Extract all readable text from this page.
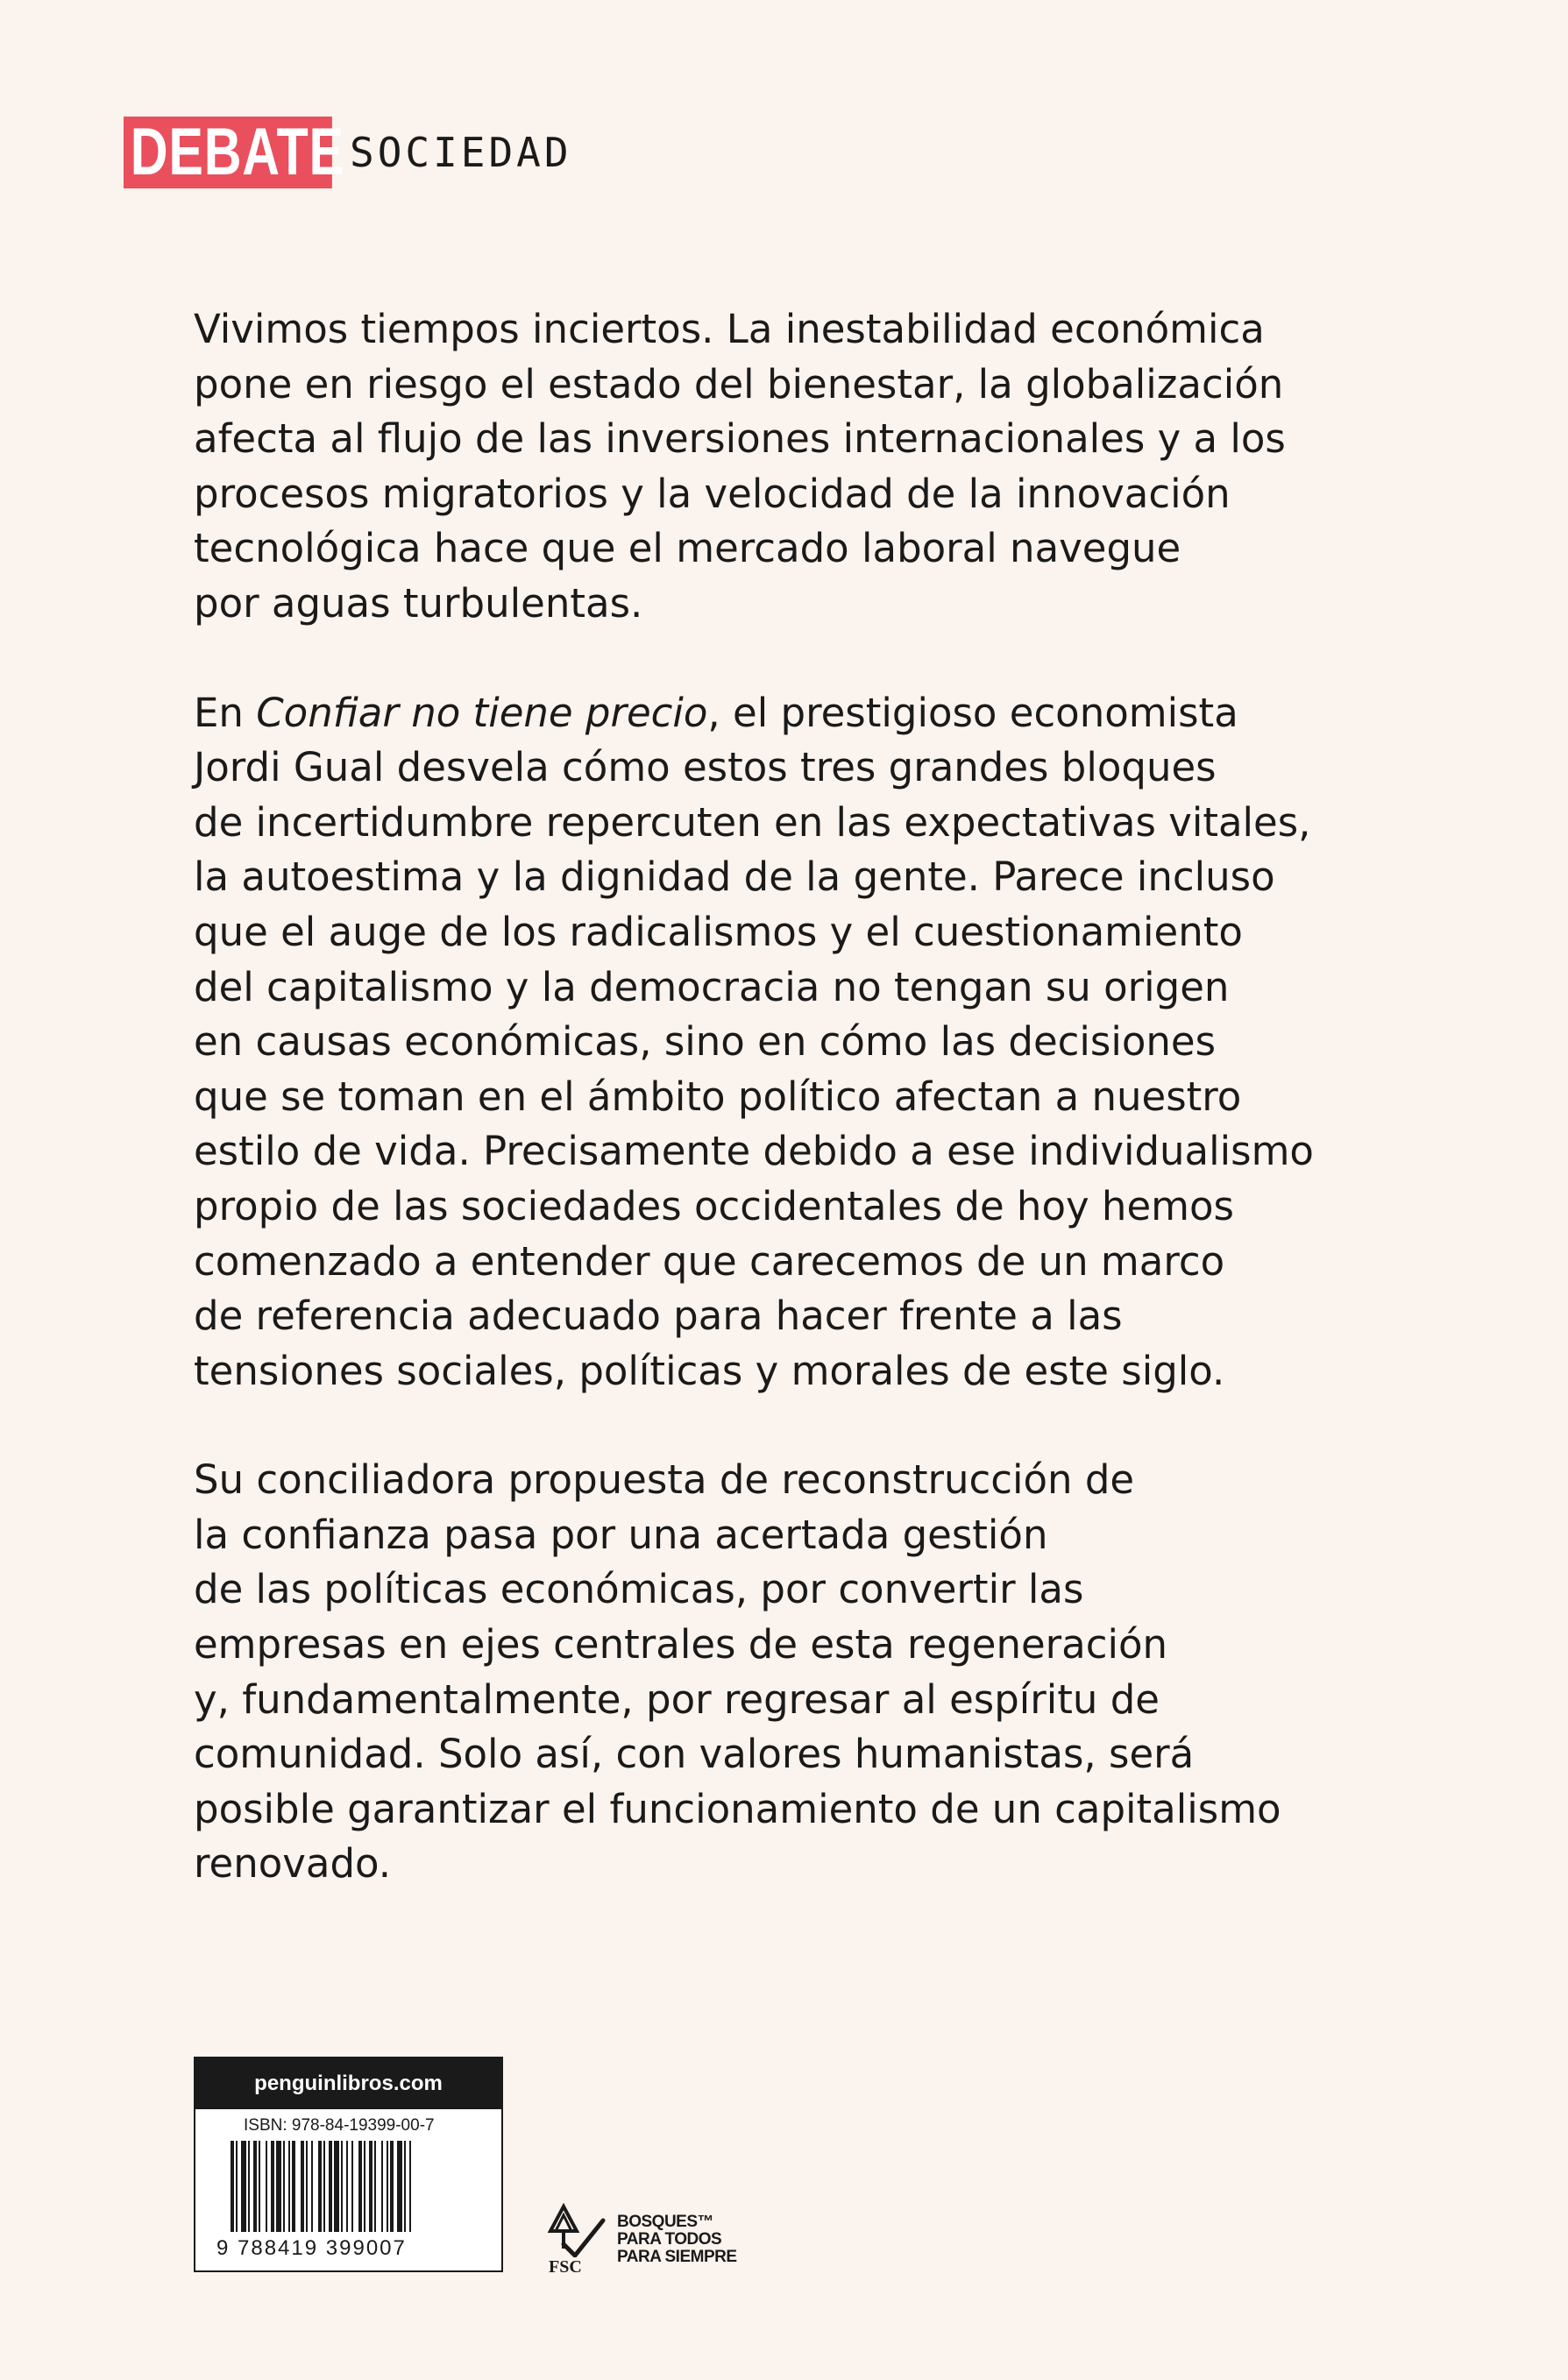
DEBATE SOCIEDAD

Vivimos tiempos inciertos. La inestabilidad económica
pone en riesgo el estado del bienestar, la globalización
afecta al flujo de las inversiones internacionales y a los
procesos migratorios y la velocidad de la innovación
tecnológica hace que el mercado laboral navegue
por aguas turbulentas.

En Confiar no tiene precio, el prestigioso economista
Jordi Gual desvela cómo estos tres grandes bloques
de incertidumbre repercuten en las expectativas vitales,
la autoestima y la dignidad de la gente. Parece incluso
que el auge de los radicalismos y el cuestionamiento
del capitalismo y la democracia no tengan su origen
en causas económicas, sino en cómo las decisiones
que se toman en el ámbito político afectan a nuestro
estilo de vida. Precisamente debido a ese individualismo
propio de las sociedades occidentales de hoy hemos
comenzado a entender que carecemos de un marco
de referencia adecuado para hacer frente a las
tensiones sociales, políticas y morales de este siglo.

Su conciliadora propuesta de reconstrucción de
la confianza pasa por una acertada gestión
de las políticas económicas, por convertir las
empresas en ejes centrales de esta regeneración
y, fundamentalmente, por regresar al espíritu de
comunidad. Solo así, con valores humanistas, será
posible garantizar el funcionamiento de un capitalismo
renovado.

penguinlibros.com
ISBN: 978-84-19399-00-7
9 788419 399007
FSC
BOSQUES™
PARA TODOS
PARA SIEMPRE
